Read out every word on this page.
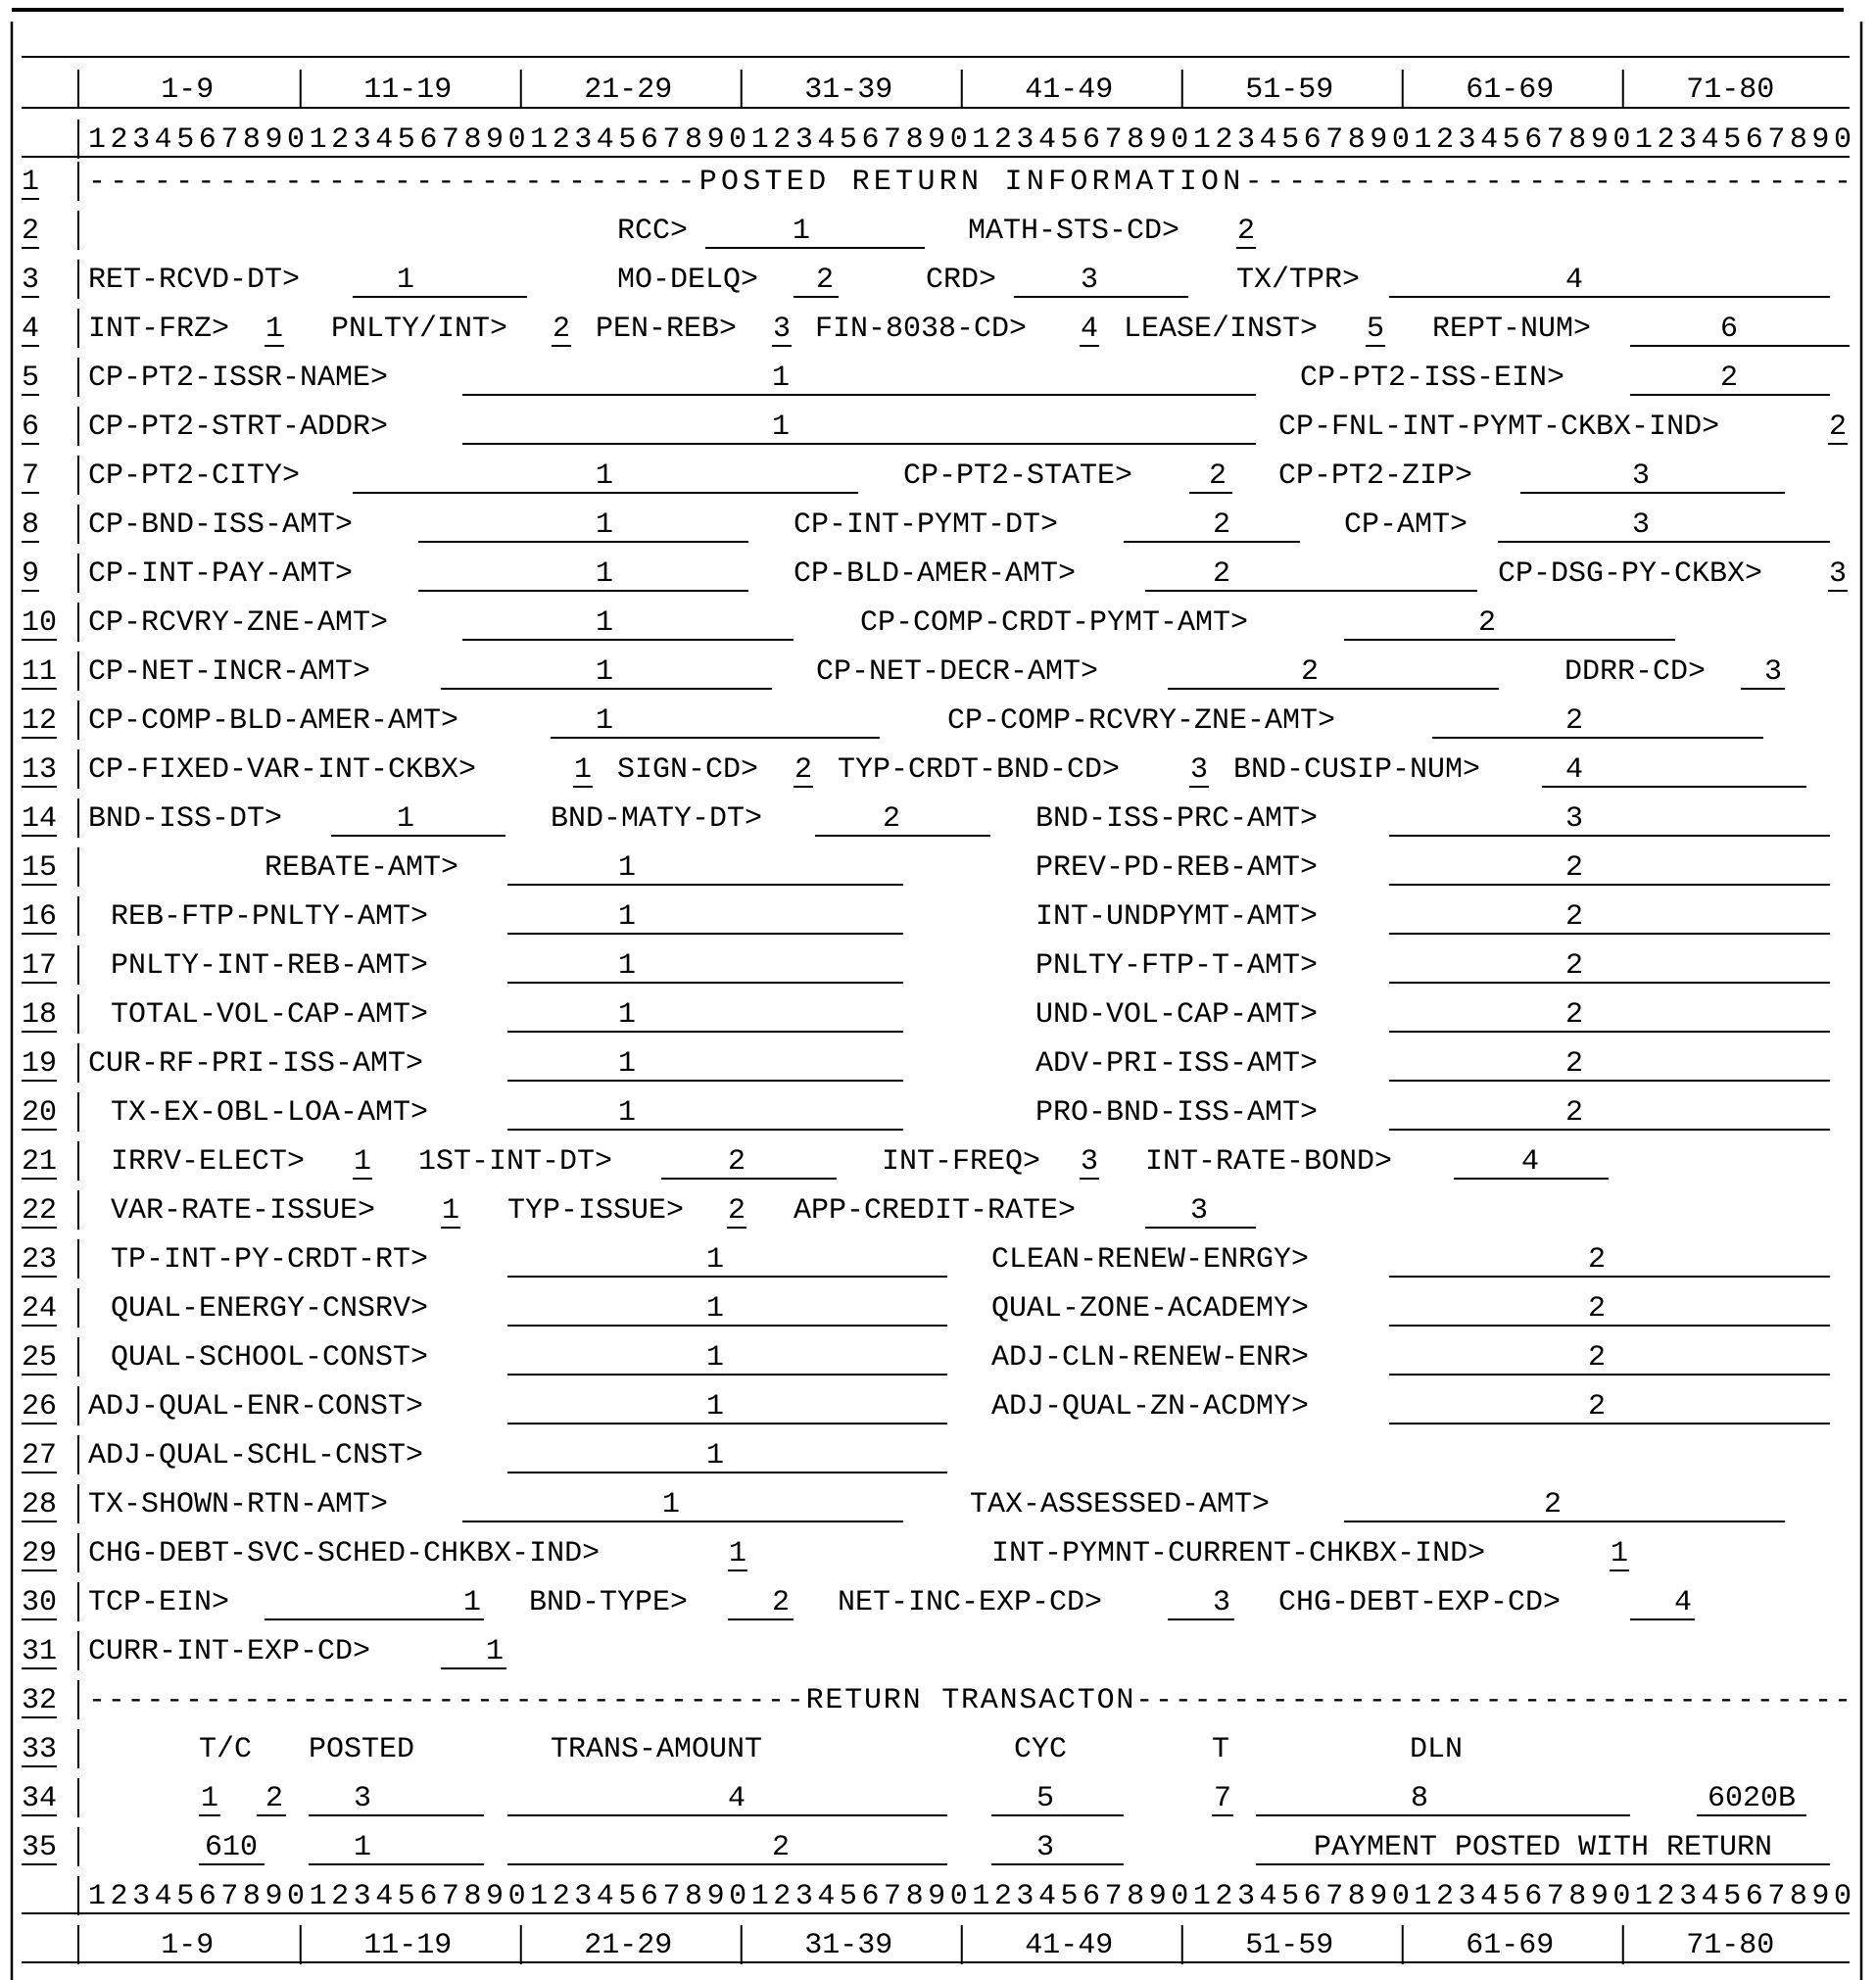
1-9	11-19	21-29	31-39	41-49	51-59	61-69	71-80
12345678901234567890123456789012345678901234567890123456789012345678901234567890
1 ----------------------------POSTED RETURN INFORMATION----------------------------
2	RCC>	1	MATH-STS-CD> 2
3 RET-RCVD-DT>	1	MO-DELQ> 2	CRD>	3	TX/TPR>	4
4 INT-FRZ> 1 PNLTY/INT> 2 PEN-REB> 3 FIN-8038-CD> 4 LEASE/INST> 5 REPT-NUM>	6
5 CP-PT2-ISSR-NAME>	1	CP-PT2-ISS-EIN>	2
6 CP-PT2-STRT-ADDR>	1	CP-FNL-INT-PYMT-CKBX-IND>	2
7 CP-PT2-CITY>	1	CP-PT2-STATE>	2 CP-PT2-ZIP>	3
8 CP-BND-ISS-AMT>	1	CP-INT-PYMT-DT>	2	CP-AMT>	3
9 CP-INT-PAY-AMT>	1	CP-BLD-AMER-AMT>	2	CP-DSG-PY-CKBX> 3
10 CP-RCVRY-ZNE-AMT>	1	CP-COMP-CRDT-PYMT-AMT>	2
11 CP-NET-INCR-AMT>	1	CP-NET-DECR-AMT>	2	DDRR-CD> 3
12 CP-COMP-BLD-AMER-AMT>	1	CP-COMP-RCVRY-ZNE-AMT>	2
13 CP-FIXED-VAR-INT-CKBX>	1 SIGN-CD> 2 TYP-CRDT-BND-CD> 3 BND-CUSIP-NUM>	4
14 BND-ISS-DT>	1	BND-MATY-DT>	2	BND-ISS-PRC-AMT>	3
15	REBATE-AMT>	1	PREV-PD-REB-AMT>	2
16 REB-FTP-PNLTY-AMT>	1	INT-UNDPYMT-AMT>	2
17 PNLTY-INT-REB-AMT>	1	PNLTY-FTP-T-AMT>	2
18 TOTAL-VOL-CAP-AMT>	1	UND-VOL-CAP-AMT>	2
19 CUR-RF-PRI-ISS-AMT>	1	ADV-PRI-ISS-AMT>	2
20 TX-EX-OBL-LOA-AMT>	1	PRO-BND-ISS-AMT>	2
21 IRRV-ELECT> 1 1ST-INT-DT>	2	INT-FREQ> 3 INT-RATE-BOND>	4
22 VAR-RATE-ISSUE> 1 TYP-ISSUE> 2 APP-CREDIT-RATE>	3
23 TP-INT-PY-CRDT-RT>	1	CLEAN-RENEW-ENRGY>	2
24 QUAL-ENERGY-CNSRV>	1	QUAL-ZONE-ACADEMY>	2
25 QUAL-SCHOOL-CONST>	1	ADJ-CLN-RENEW-ENR>	2
26 ADJ-QUAL-ENR-CONST>	1	ADJ-QUAL-ZN-ACDMY>	2
27 ADJ-QUAL-SCHL-CNST>	1
28 TX-SHOWN-RTN-AMT>	1	TAX-ASSESSED-AMT>	2
29 CHG-DEBT-SVC-SCHED-CHKBX-IND>	1	INT-PYMNT-CURRENT-CHKBX-IND>	1
30 TCP-EIN>	1 BND-TYPE>	2 NET-INC-EXP-CD>	3 CHG-DEBT-EXP-CD>	4
31 CURR-INT-EXP-CD>	1
32 -------------------------------------RETURN TRANSACTON-------------------------------------
33	T/C POSTED	TRANS-AMOUNT	CYC	T	DLN
34	1 2 3	4	5	7	8	6020B
35	610	1	2	3	PAYMENT POSTED WITH RETURN
1-9	11-19	21-29	31-39	41-49	51-59	61-69	71-80
12345678901234567890123456789012345678901234567890123456789012345678901234567890
